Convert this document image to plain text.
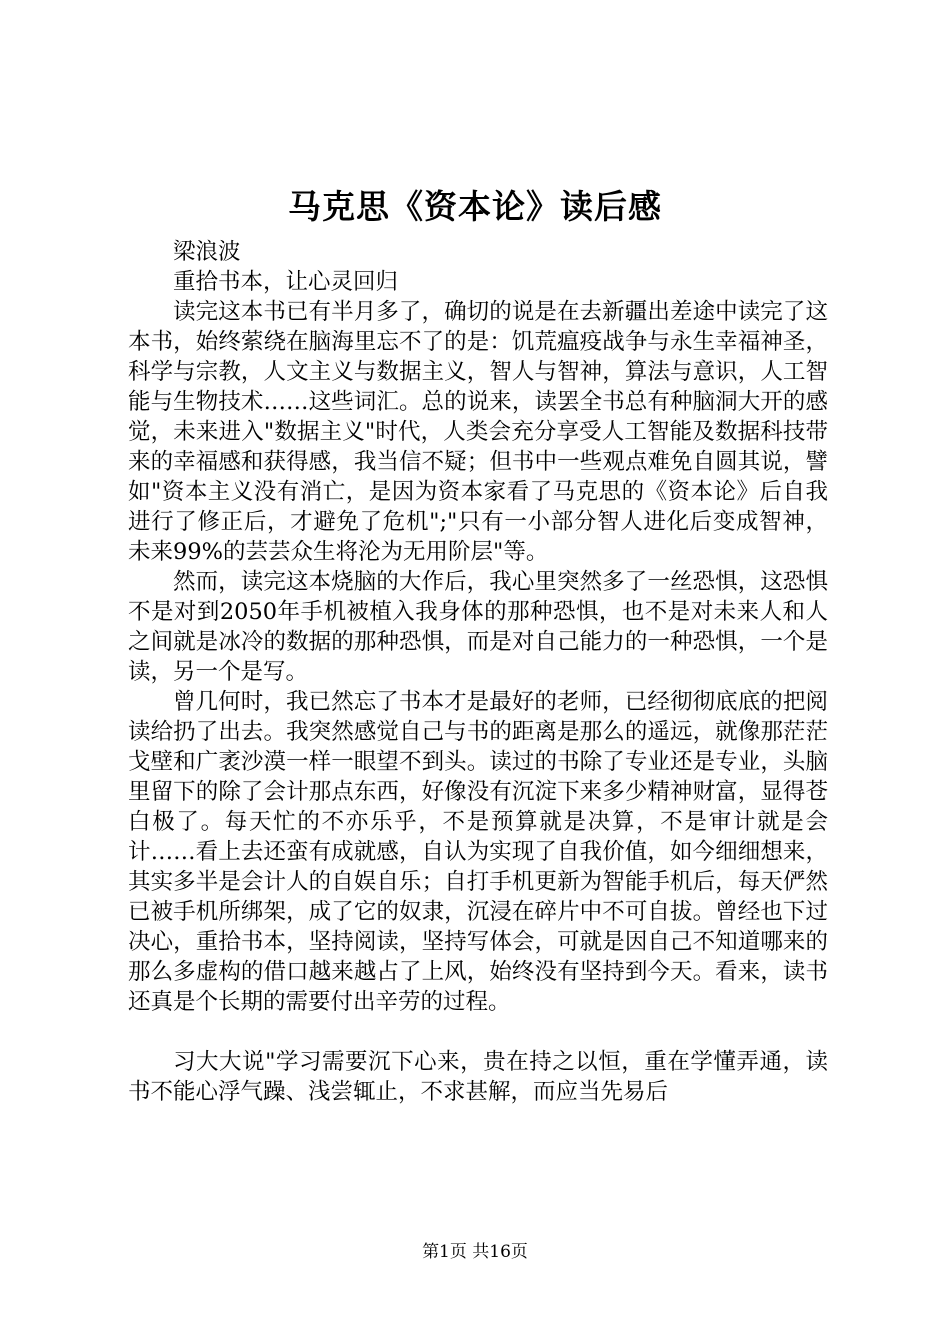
马克思《资本论》读后感

梁浪波

重拾书本，让心灵回归

读完这本书已有半月多了，确切的说是在去新疆出差途中读完了这本书，始终萦绕在脑海里忘不了的是：饥荒瘟疫战争与永生幸福神圣，科学与宗教，人文主义与数据主义，智人与智神，算法与意识，人工智能与生物技术……这些词汇。总的说来，读罢全书总有种脑洞大开的感觉，未来进入"数据主义"时代，人类会充分享受人工智能及数据科技带来的幸福感和获得感，我当信不疑；但书中一些观点难免自圆其说，譬如"资本主义没有消亡，是因为资本家看了马克思的《资本论》后自我进行了修正后，才避免了危机";"只有一小部分智人进化后变成智神，未来99%的芸芸众生将沦为无用阶层"等。

然而，读完这本烧脑的大作后，我心里突然多了一丝恐惧，这恐惧不是对到2050年手机被植入我身体的那种恐惧，也不是对未来人和人之间就是冰冷的数据的那种恐惧，而是对自己能力的一种恐惧，一个是读，另一个是写。

曾几何时，我已然忘了书本才是最好的老师，已经彻彻底底的把阅读给扔了出去。我突然感觉自己与书的距离是那么的遥远，就像那茫茫戈壁和广袤沙漠一样一眼望不到头。读过的书除了专业还是专业，头脑里留下的除了会计那点东西，好像没有沉淀下来多少精神财富，显得苍白极了。每天忙的不亦乐乎，不是预算就是决算，不是审计就是会计……看上去还蛮有成就感，自认为实现了自我价值，如今细细想来，其实多半是会计人的自娱自乐；自打手机更新为智能手机后，每天俨然已被手机所绑架，成了它的奴隶，沉浸在碎片中不可自拔。曾经也下过决心，重拾书本，坚持阅读，坚持写体会，可就是因自己不知道哪来的那么多虚构的借口越来越占了上风，始终没有坚持到今天。看来，读书还真是个长期的需要付出辛劳的过程。

习大大说"学习需要沉下心来，贵在持之以恒，重在学懂弄通，读书不能心浮气躁、浅尝辄止，不求甚解，而应当先易后

第1页 共16页
